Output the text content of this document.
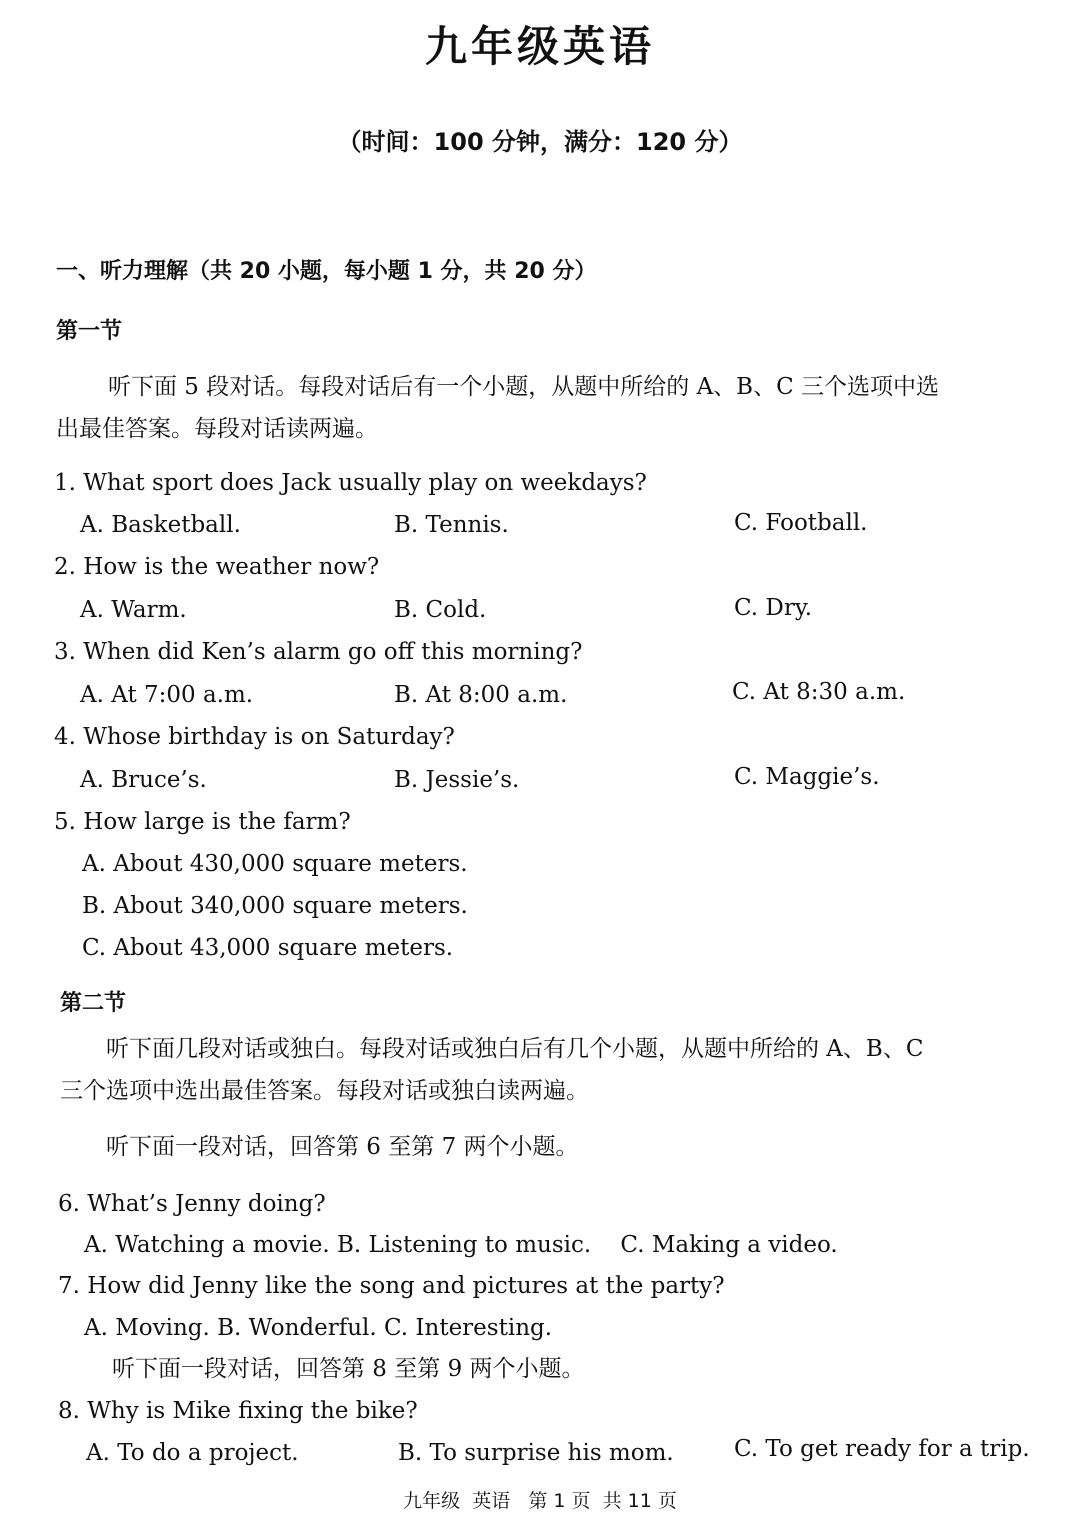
九年级英语
（时间：100 分钟，满分：120 分）
一、听力理解（共 20 小题，每小题 1 分，共 20 分）
第一节
听下面 5 段对话。每段对话后有一个小题，从题中所给的 A、B、C 三个选项中选
出最佳答案。每段对话读两遍。
1. What sport does Jack usually play on weekdays?
A. Basketball.	B. Tennis.	C. Football.
2. How is the weather now?
A. Warm.	B. Cold.	C. Dry.
3. When did Ken’s alarm go off this morning?
A. At 7:00 a.m.	B. At 8:00 a.m.	C. At 8:30 a.m.
4. Whose birthday is on Saturday?
A. Bruce’s.	B. Jessie’s.	C. Maggie’s.
5. How large is the farm?
A. About 430,000 square meters.
B. About 340,000 square meters.
C. About 43,000 square meters.
第二节
听下面几段对话或独白。每段对话或独白后有几个小题，从题中所给的 A、B、C
三个选项中选出最佳答案。每段对话或独白读两遍。
听下面一段对话，回答第 6 至第 7 两个小题。
6. What’s Jenny doing?
A. Watching a movie. B. Listening to music.    C. Making a video.
7. How did Jenny like the song and pictures at the party?
A. Moving. B. Wonderful. C. Interesting.
听下面一段对话，回答第 8 至第 9 两个小题。
8. Why is Mike fixing the bike?
A. To do a project.	B. To surprise his mom.	C. To get ready for a trip.
九年级  英语   第 1 页  共 11 页
